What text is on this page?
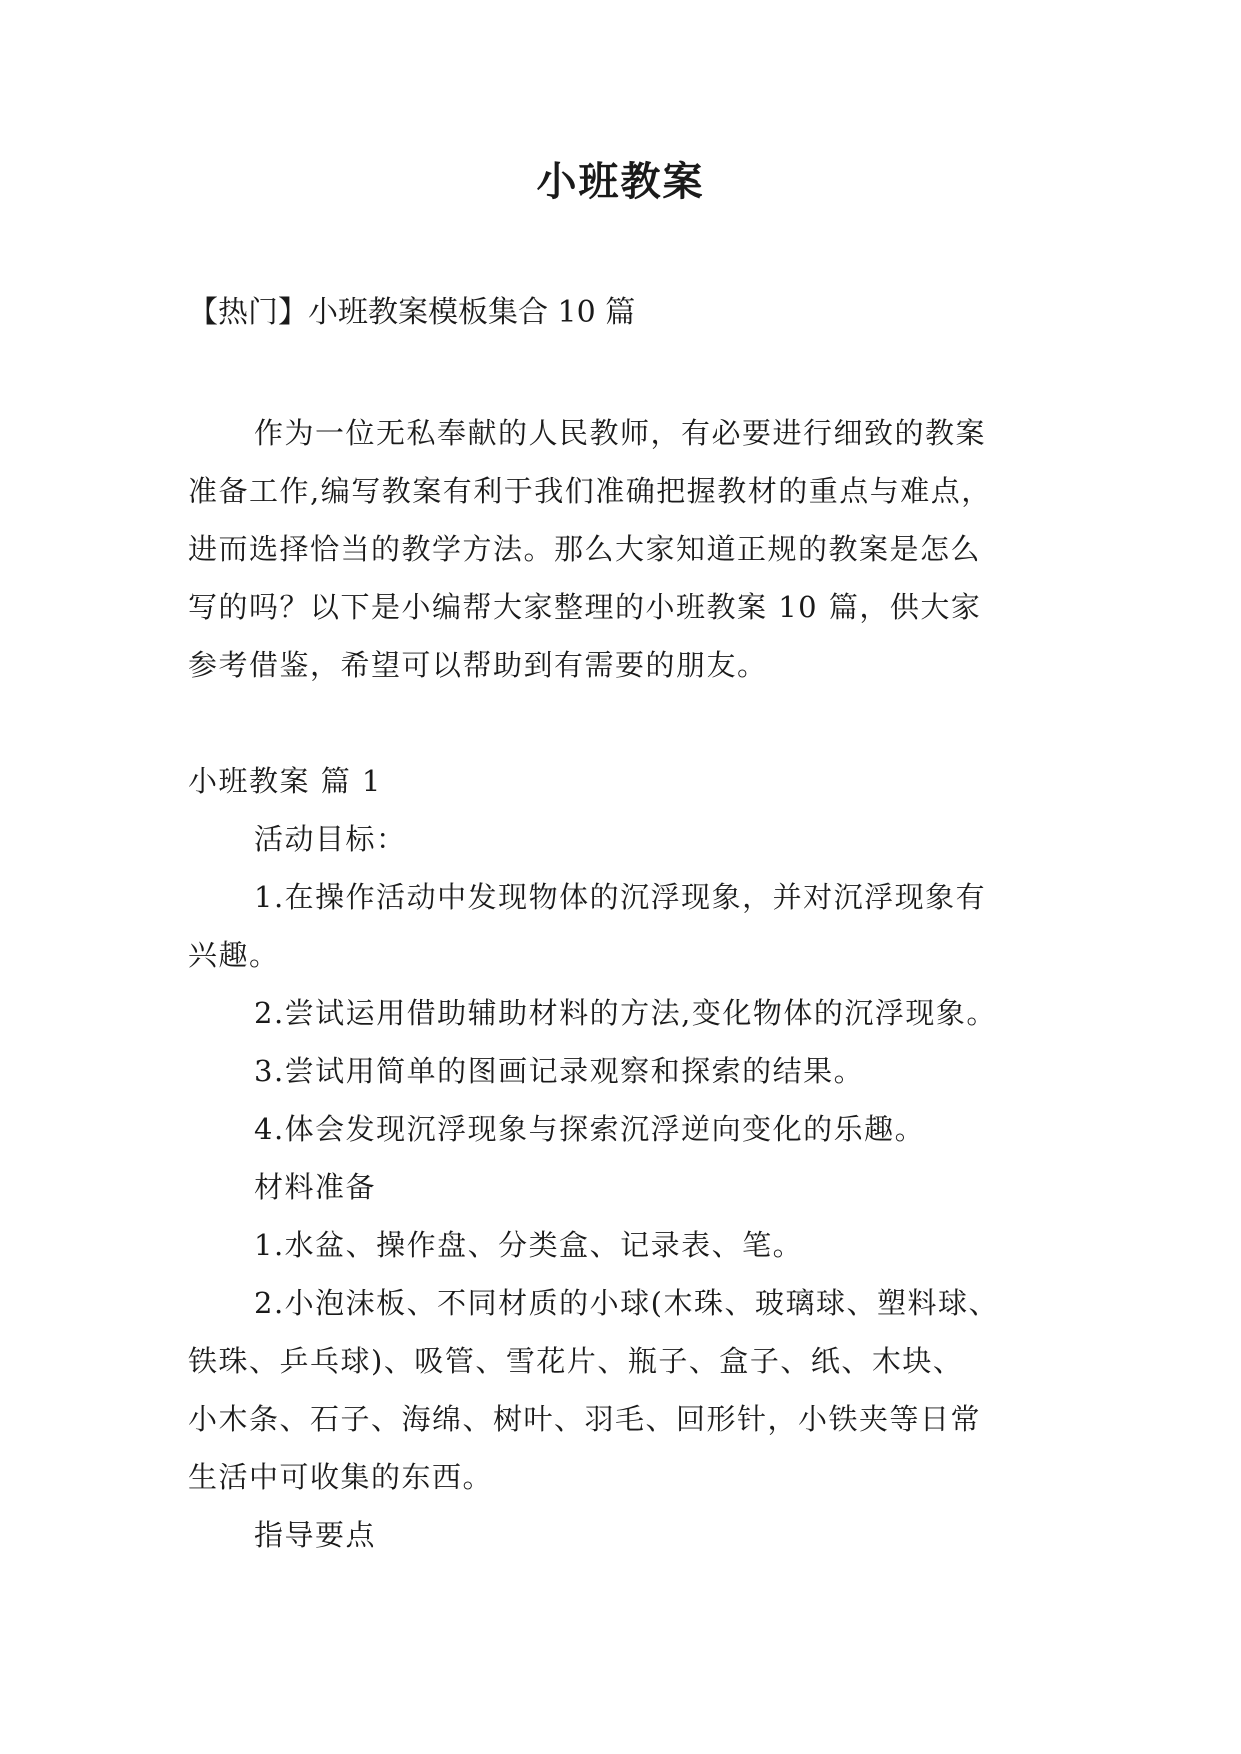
小班教案
【热门】小班教案模板集合 10 篇
作为一位无私奉献的人民教师，有必要进行细致的教案
准备工作,编写教案有利于我们准确把握教材的重点与难点，
进而选择恰当的教学方法。那么大家知道正规的教案是怎么
写的吗？以下是小编帮大家整理的小班教案 10 篇，供大家
参考借鉴，希望可以帮助到有需要的朋友。
小班教案 篇 1
活动目标：
1.在操作活动中发现物体的沉浮现象，并对沉浮现象有
兴趣。
2.尝试运用借助辅助材料的方法,变化物体的沉浮现象。
3.尝试用简单的图画记录观察和探索的结果。
4.体会发现沉浮现象与探索沉浮逆向变化的乐趣。
材料准备
1.水盆、操作盘、分类盒、记录表、笔。
2.小泡沫板、不同材质的小球(木珠、玻璃球、塑料球、
铁珠、乒乓球)、吸管、雪花片、瓶子、盒子、纸、木块、
小木条、石子、海绵、树叶、羽毛、回形针，小铁夹等日常
生活中可收集的东西。
指导要点
